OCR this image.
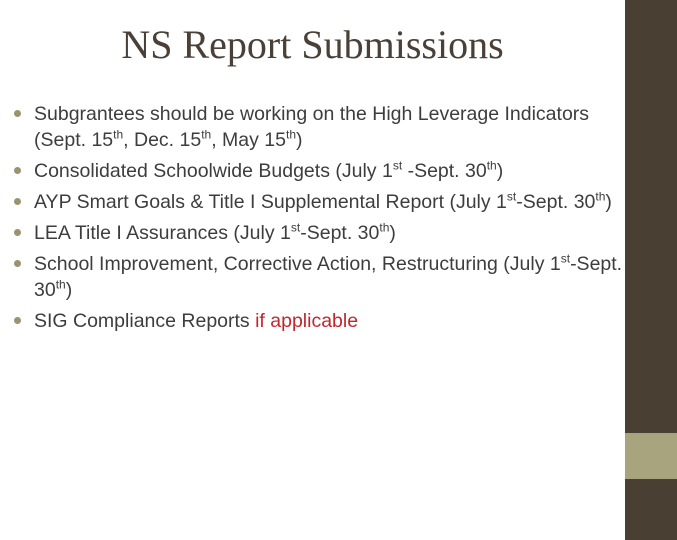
NS Report Submissions
Subgrantees should be working on the High Leverage Indicators (Sept. 15th, Dec. 15th, May 15th)
Consolidated Schoolwide Budgets (July 1st -Sept. 30th)
AYP Smart Goals & Title I Supplemental Report (July 1st-Sept. 30th)
LEA Title I Assurances (July 1st-Sept. 30th)
School Improvement, Corrective Action, Restructuring (July 1st-Sept. 30th)
SIG Compliance Reports if applicable
